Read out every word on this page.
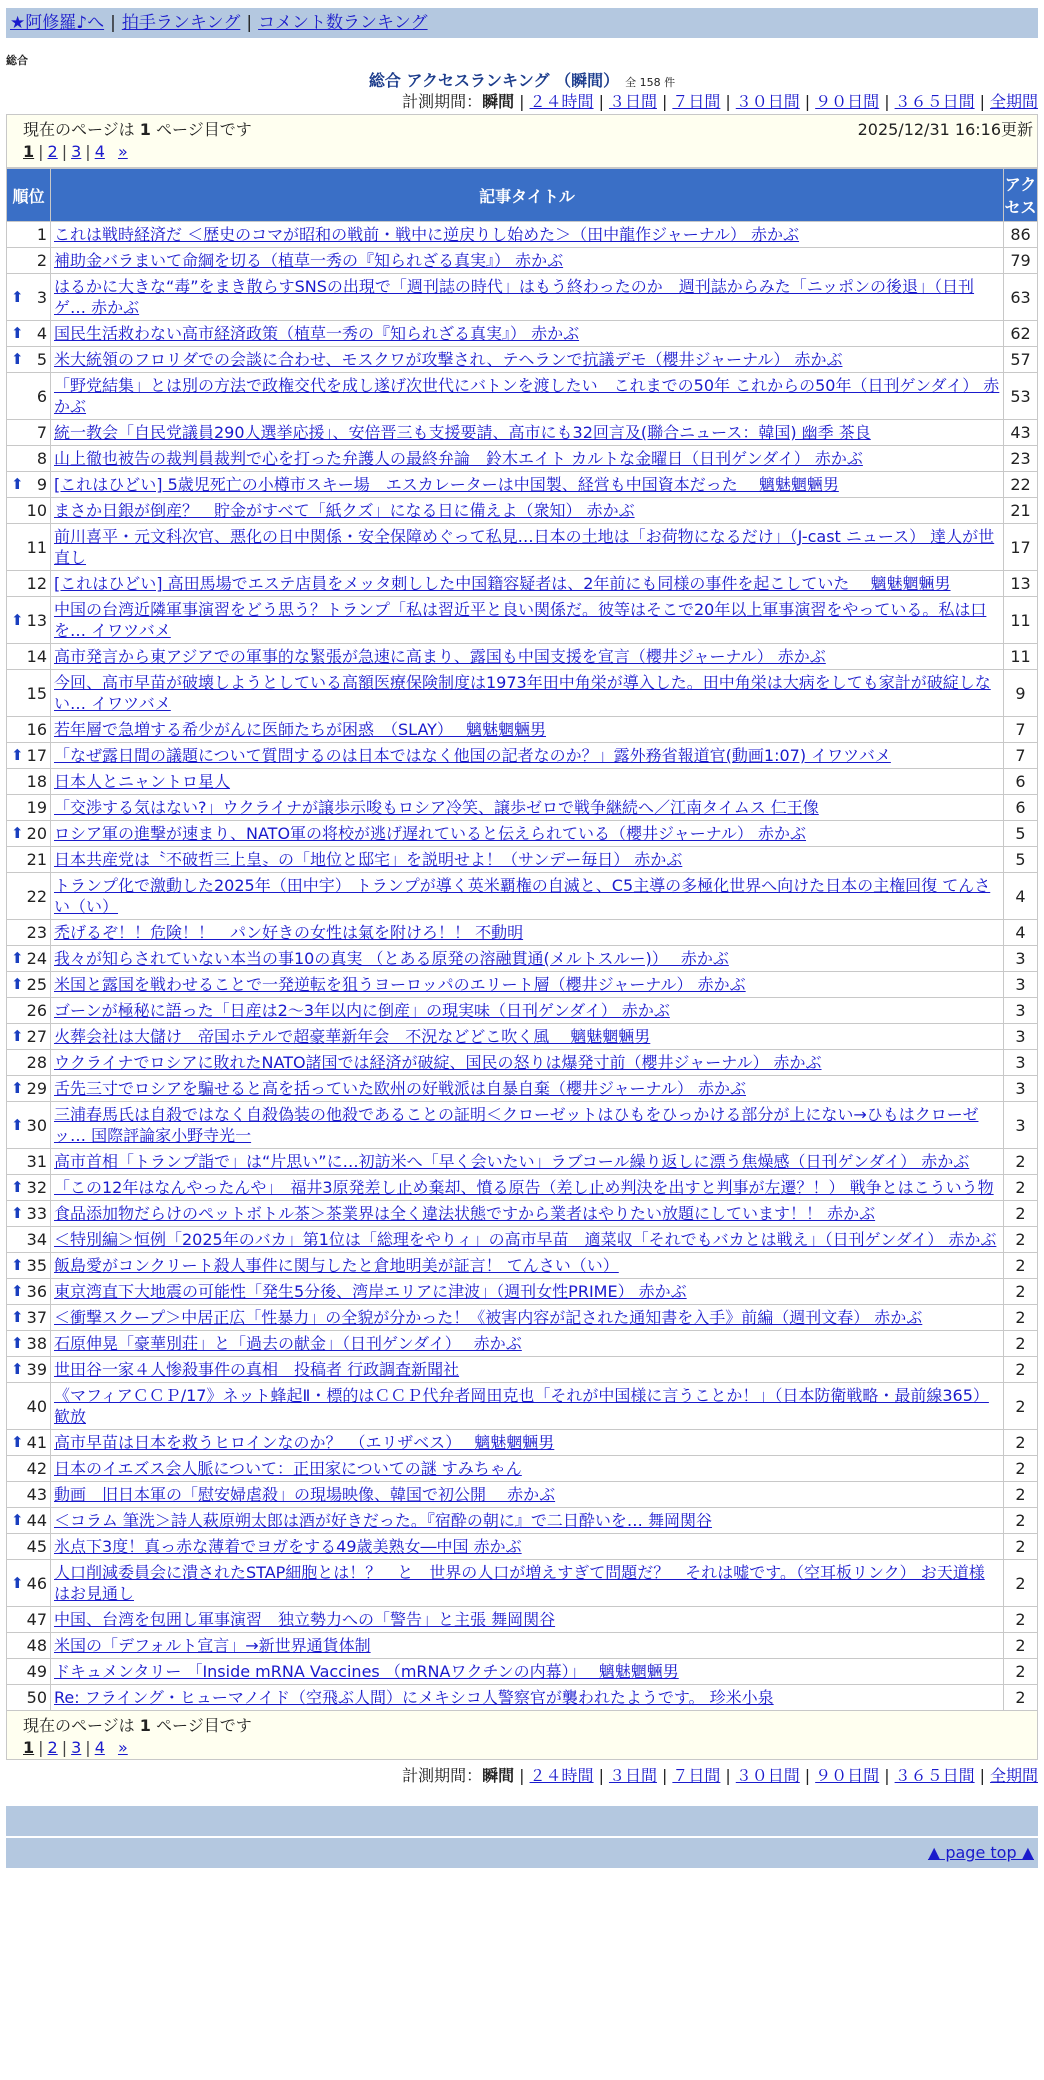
★阿修羅♪へ | 拍手ランキング | コメント数ランキング
総合
総合 アクセスランキング （瞬間） 全 158 件
計測期間：瞬間 | ２４時間 | ３日間 | ７日間 | ３０日間 | ９０日間 | ３６５日間 | 全期間
現在のページは 1 ページ目です	2025/12/31 16:16更新
1 | 2 | 3 | 4 »
順位	記事タイトル	アクセス
1	これは戦時経済だ ＜歴史のコマが昭和の戦前・戦中に逆戻りし始めた＞（田中龍作ジャーナル） 赤かぶ	86
2	補助金バラまいて命綱を切る（植草一秀の『知られざる真実』） 赤かぶ	79

⬆ 3	はるかに大きな“毒”をまき散らすSNSの出現で「週刊誌の時代」はもう終わったのか　週刊誌からみた「ニッポンの後退」（日刊ゲ… 赤かぶ	63

⬆ 4	国民生活救わない高市経済政策（植草一秀の『知られざる真実』） 赤かぶ	62

⬆ 5	米大統領のフロリダでの会談に合わせ、モスクワが攻撃され、テヘランで抗議デモ（櫻井ジャーナル） 赤かぶ	57
6	「野党結集」とは別の方法で政権交代を成し遂げ次世代にバトンを渡したい　これまでの50年 これからの50年（日刊ゲンダイ） 赤かぶ	53
7	統一教会「自民党議員290人選挙応援」、安倍晋三も支援要請、高市にも32回言及(聯合ニュース：韓国) 幽季 茶良	43
8	山上徹也被告の裁判員裁判で心を打った弁護人の最終弁論　鈴木エイト カルトな金曜日（日刊ゲンダイ） 赤かぶ	23

⬆ 9	[これはひどい] 5歳児死亡の小樽市スキー場　エスカレーターは中国製、経営も中国資本だった　 魑魅魍魎男	22
10	まさか日銀が倒産？　貯金がすべて「紙クズ」になる日に備えよ（衆知） 赤かぶ	21
11	前川喜平・元文科次官、悪化の日中関係・安全保障めぐって私見…日本の土地は「お荷物になるだけ」（J-cast ニュース） 達人が世直し	17
12	[これはひどい] 高田馬場でエステ店員をメッタ刺しした中国籍容疑者は、2年前にも同様の事件を起こしていた　 魑魅魍魎男	13

⬆ 13	中国の台湾近隣軍事演習をどう思う？トランプ「私は習近平と良い関係だ。彼等はそこで20年以上軍事演習をやっている。私は口を… イワツバメ	11
14	高市発言から東アジアでの軍事的な緊張が急速に高まり、露国も中国支援を宣言（櫻井ジャーナル） 赤かぶ	11
15	今回、高市早苗が破壊しようとしている高額医療保険制度は1973年田中角栄が導入した。田中角栄は大病をしても家計が破綻しない… イワツバメ	9
16	若年層で急増する希少がんに医師たちが困惑　（SLAY）　 魑魅魍魎男	7

⬆ 17	「なぜ露日間の議題について質問するのは日本ではなく他国の記者なのか？」露外務省報道官(動画1:07) イワツバメ	7
18	日本人とニャントロ星人	6
19	「交渉する気はない?」ウクライナが譲歩示唆もロシア冷笑、譲歩ゼロで戦争継続へ／江南タイムス 仁王像	6

⬆ 20	ロシア軍の進撃が速まり、NATO軍の将校が逃げ遅れていると伝えられている（櫻井ジャーナル） 赤かぶ	5
21	日本共産党は〝不破哲三上皇〟の「地位と邸宅」を説明せよ！（サンデー毎日） 赤かぶ	5
22	トランプ化で激動した2025年（田中宇） トランプが導く英米覇権の自滅と、C5主導の多極化世界へ向けた日本の主権回復 てんさい（い）	4
23	禿げるぞ！！危険！！　パン好きの女性は氣を附けろ！！ 不動明	4

⬆ 24	我々が知らされていない本当の事10の真実 （とある原発の溶融貫通(メルトスルー)）　 赤かぶ	3

⬆ 25	米国と露国を戦わせることで一発逆転を狙うヨーロッパのエリート層（櫻井ジャーナル） 赤かぶ	3
26	ゴーンが極秘に語った「日産は2～3年以内に倒産」の現実味（日刊ゲンダイ） 赤かぶ	3

⬆ 27	火葬会社は大儲け　帝国ホテルで超豪華新年会　不況などどこ吹く風　 魑魅魍魎男	3
28	ウクライナでロシアに敗れたNATO諸国では経済が破綻、国民の怒りは爆発寸前（櫻井ジャーナル） 赤かぶ	3

⬆ 29	舌先三寸でロシアを騙せると高を括っていた欧州の好戦派は自暴自棄（櫻井ジャーナル） 赤かぶ	3

⬆ 30	三浦春馬氏は自殺ではなく自殺偽装の他殺であることの証明＜クローゼットはひもをひっかける部分が上にない→ひもはクローゼッ… 国際評論家小野寺光一	3
31	高市首相「トランプ詣で」は“片思い”に…初訪米へ「早く会いたい」ラブコール繰り返しに漂う焦燥感（日刊ゲンダイ） 赤かぶ	2

⬆ 32	「この12年はなんやったんや」　福井3原発差し止め棄却、憤る原告（差し止め判決を出すと判事が左遷？！） 戦争とはこういう物	2

⬆ 33	食品添加物だらけのペットボトル茶＞茶業界は全く違法状態ですから業者はやりたい放題にしています！！ 赤かぶ	2
34	＜特別編＞恒例「2025年のバカ」第1位は「総理をやりィ」の高市早苗　適菜収「それでもバカとは戦え」（日刊ゲンダイ） 赤かぶ	2

⬆ 35	飯島愛がコンクリート殺人事件に関与したと倉地明美が証言！ てんさい（い）	2

⬆ 36	東京湾直下大地震の可能性「発生5分後、湾岸エリアに津波」（週刊女性PRIME） 赤かぶ	2

⬆ 37	＜衝撃スクープ＞中居正広「性暴力」の全貌が分かった！《被害内容が記された通知書を入手》前編（週刊文春） 赤かぶ	2

⬆ 38	石原伸晃「豪華別荘」と「過去の献金」（日刊ゲンダイ）　 赤かぶ	2

⬆ 39	世田谷一家４人惨殺事件の真相　投稿者 行政調査新聞社	2
40	《マフィアＣＣＰ/17》ネット蜂起Ⅱ・標的はＣＣＰ代弁者岡田克也「それが中国様に言うことか！」（日本防衛戦略・最前線365） 歓放	2

⬆ 41	高市早苗は日本を救うヒロインなのか？　（エリザベス）　 魑魅魍魎男	2
42	日本のイエズス会人脈について：正田家についての謎 すみちゃん	2
43	動画　旧日本軍の「慰安婦虐殺」の現場映像、韓国で初公開　 赤かぶ	2

⬆ 44	＜コラム 筆洗＞詩人萩原朔太郎は酒が好きだった。『宿酔の朝に』で二日酔いを… 舞岡関谷	2
45	氷点下3度！真っ赤な薄着でヨガをする49歳美熟女―中国 赤かぶ	2

⬆ 46	人口削減委員会に潰されたSTAP細胞とは！？　と　世界の人口が増えすぎて問題だ？　それは嘘です。（空耳板リンク） お天道様はお見通し	2
47	中国、台湾を包囲し軍事演習　独立勢力への「警告」と主張 舞岡関谷	2
48	米国の「デフォルト宣言」→新世界通貨体制	2
49	ドキュメンタリー 「Inside mRNA Vaccines （mRNAワクチンの内幕）」　 魑魅魍魎男	2
50	Re: フライング・ヒューマノイド（空飛ぶ人間）にメキシコ人警察官が襲われたようです。 珍米小泉	2
現在のページは 1 ページ目です
1 | 2 | 3 | 4 »
計測期間：瞬間 | ２４時間 | ３日間 | ７日間 | ３０日間 | ９０日間 | ３６５日間 | 全期間
▲ page top ▲
